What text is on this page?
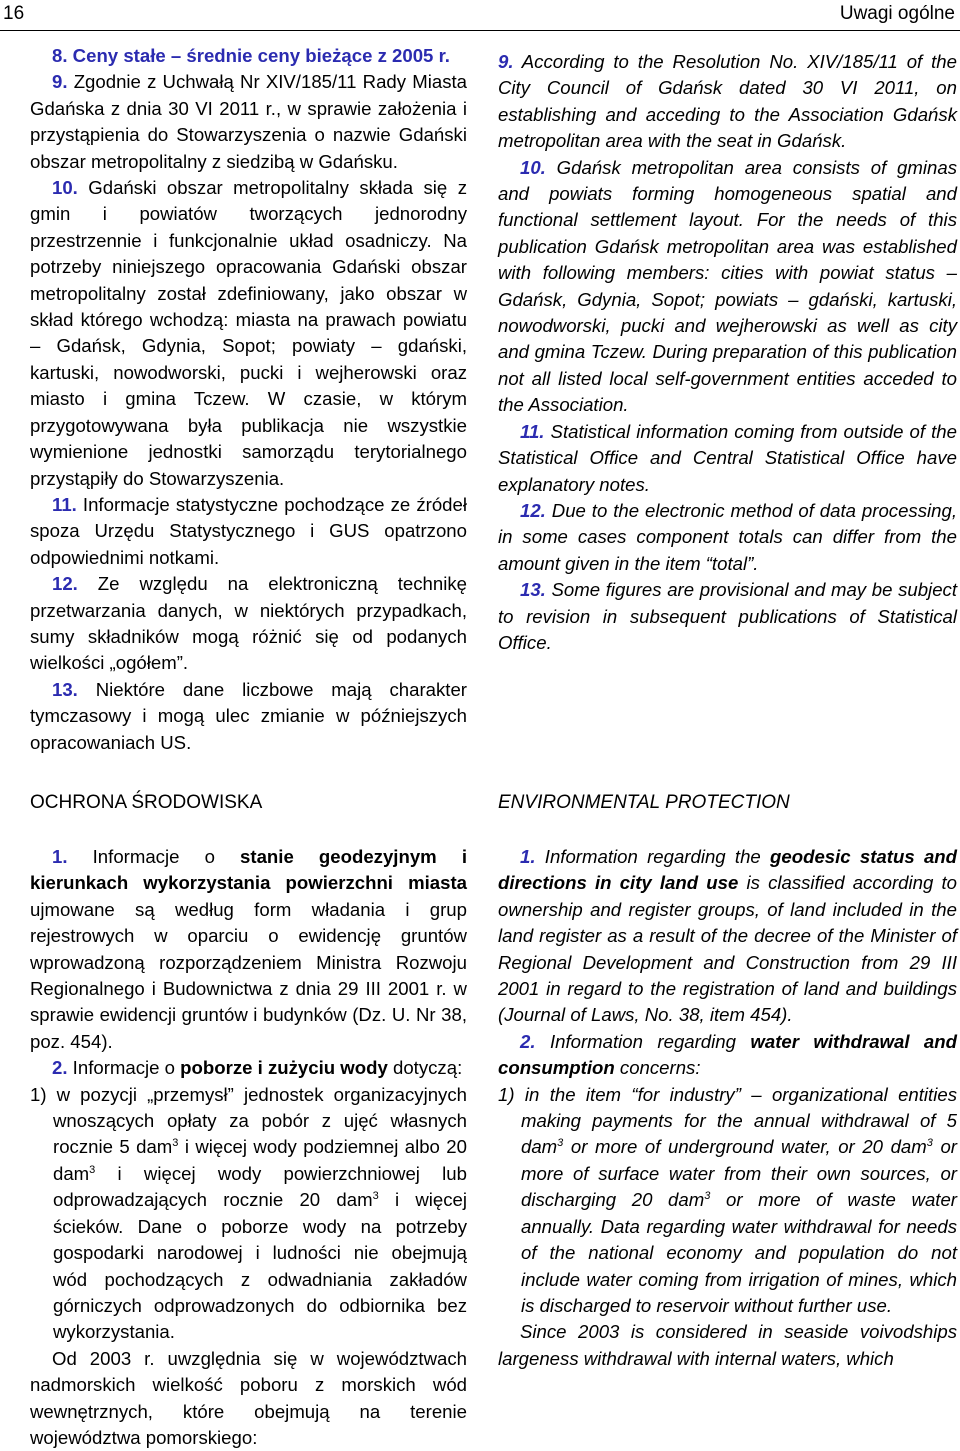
16	Uwagi ogólne

8. Ceny stałe – średnie ceny bieżące z 2005 r.

9. Zgodnie z Uchwałą Nr XIV/185/11 Rady Miasta Gdańska z dnia 30 VI 2011 r., w sprawie założenia i przystąpienia do Stowarzyszenia o nazwie Gdański obszar metropolitalny z siedzibą w Gdańsku.

10. Gdański obszar metropolitalny składa się z gmin i powiatów tworzących jednorodny przestrzennie i funkcjonalnie układ osadniczy. Na potrzeby niniejszego opracowania Gdański obszar metropolitalny został zdefiniowany, jako obszar w skład którego wchodzą: miasta na prawach powiatu – Gdańsk, Gdynia, Sopot; powiaty – gdański, kartuski, nowodworski, pucki i wejherowski oraz miasto i gmina Tczew. W czasie, w którym przygotowywana była publikacja nie wszystkie wymienione jednostki samorządu terytorialnego przystąpiły do Stowarzyszenia.

11. Informacje statystyczne pochodzące ze źródeł spoza Urzędu Statystycznego i GUS opatrzono odpowiednimi notkami.

12. Ze względu na elektroniczną technikę przetwarzania danych, w niektórych przypadkach, sumy składników mogą różnić się od podanych wielkości „ogółem”.

13. Niektóre dane liczbowe mają charakter tymczasowy i mogą ulec zmianie w późniejszych opracowaniach US.

9. According to the Resolution No. XIV/185/11 of the City Council of Gdańsk dated 30 VI 2011, on establishing and acceding to the Association Gdańsk metropolitan area with the seat in Gdańsk.

10. Gdańsk metropolitan area consists of gminas and powiats forming homogeneous spatial and functional settlement layout. For the needs of this publication Gdańsk metropolitan area was established with following members: cities with powiat status – Gdańsk, Gdynia, Sopot; powiats – gdański, kartuski, nowodworski, pucki and wejherowski as well as city and gmina Tczew. During preparation of this publication not all listed local self-government entities acceded to the Association.

11. Statistical information coming from outside of the Statistical Office and Central Statistical Office have explanatory notes.

12. Due to the electronic method of data processing, in some cases component totals can differ from the amount given in the item “total”.

13. Some figures are provisional and may be subject to revision in subsequent publications of Statistical Office.

OCHRONA ŚRODOWISKA	ENVIRONMENTAL PROTECTION

1. Informacje o stanie geodezyjnym i kierunkach wykorzystania powierzchni miasta ujmowane są według form władania i grup rejestrowych w oparciu o ewidencję gruntów wprowadzoną rozporządzeniem Ministra Rozwoju Regionalnego i Budownictwa z dnia 29 III 2001 r. w sprawie ewidencji gruntów i budynków (Dz. U. Nr 38, poz. 454).

2. Informacje o poborze i zużyciu wody dotyczą:

1) w pozycji „przemysł” jednostek organizacyjnych wnoszących opłaty za pobór z ujęć własnych rocznie 5 dam$^3$ i więcej wody podziemnej albo 20 dam$^3$ i więcej wody powierzchniowej lub odprowadzających rocznie 20 dam$^3$ i więcej ścieków. Dane o poborze wody na potrzeby gospodarki narodowej i ludności nie obejmują wód pochodzących z odwadniania zakładów górniczych odprowadzonych do odbiornika bez wykorzystania.

Od 2003 r. uwzględnia się w województwach nadmorskich wielkość poboru z morskich wód wewnętrznych, które obejmują na terenie województwa pomorskiego:

1. Information regarding the geodesic status and directions in city land use is classified according to ownership and register groups, of land included in the land register as a result of the decree of the Minister of Regional Development and Construction from 29 III 2001 in regard to the registration of land and buildings (Journal of Laws, No. 38, item 454).

2. Information regarding water withdrawal and consumption concerns:

1) in the item “for industry” – organizational entities making payments for the annual withdrawal of 5 dam$^3$ or more of underground water, or 20 dam$^3$ or more of surface water from their own sources, or discharging 20 dam$^3$ or more of waste water annually. Data regarding water withdrawal for needs of the national economy and population do not include water coming from irrigation of mines, which is discharged to reservoir without further use.

Since 2003 is considered in seaside voivodships largeness withdrawal with internal waters, which
